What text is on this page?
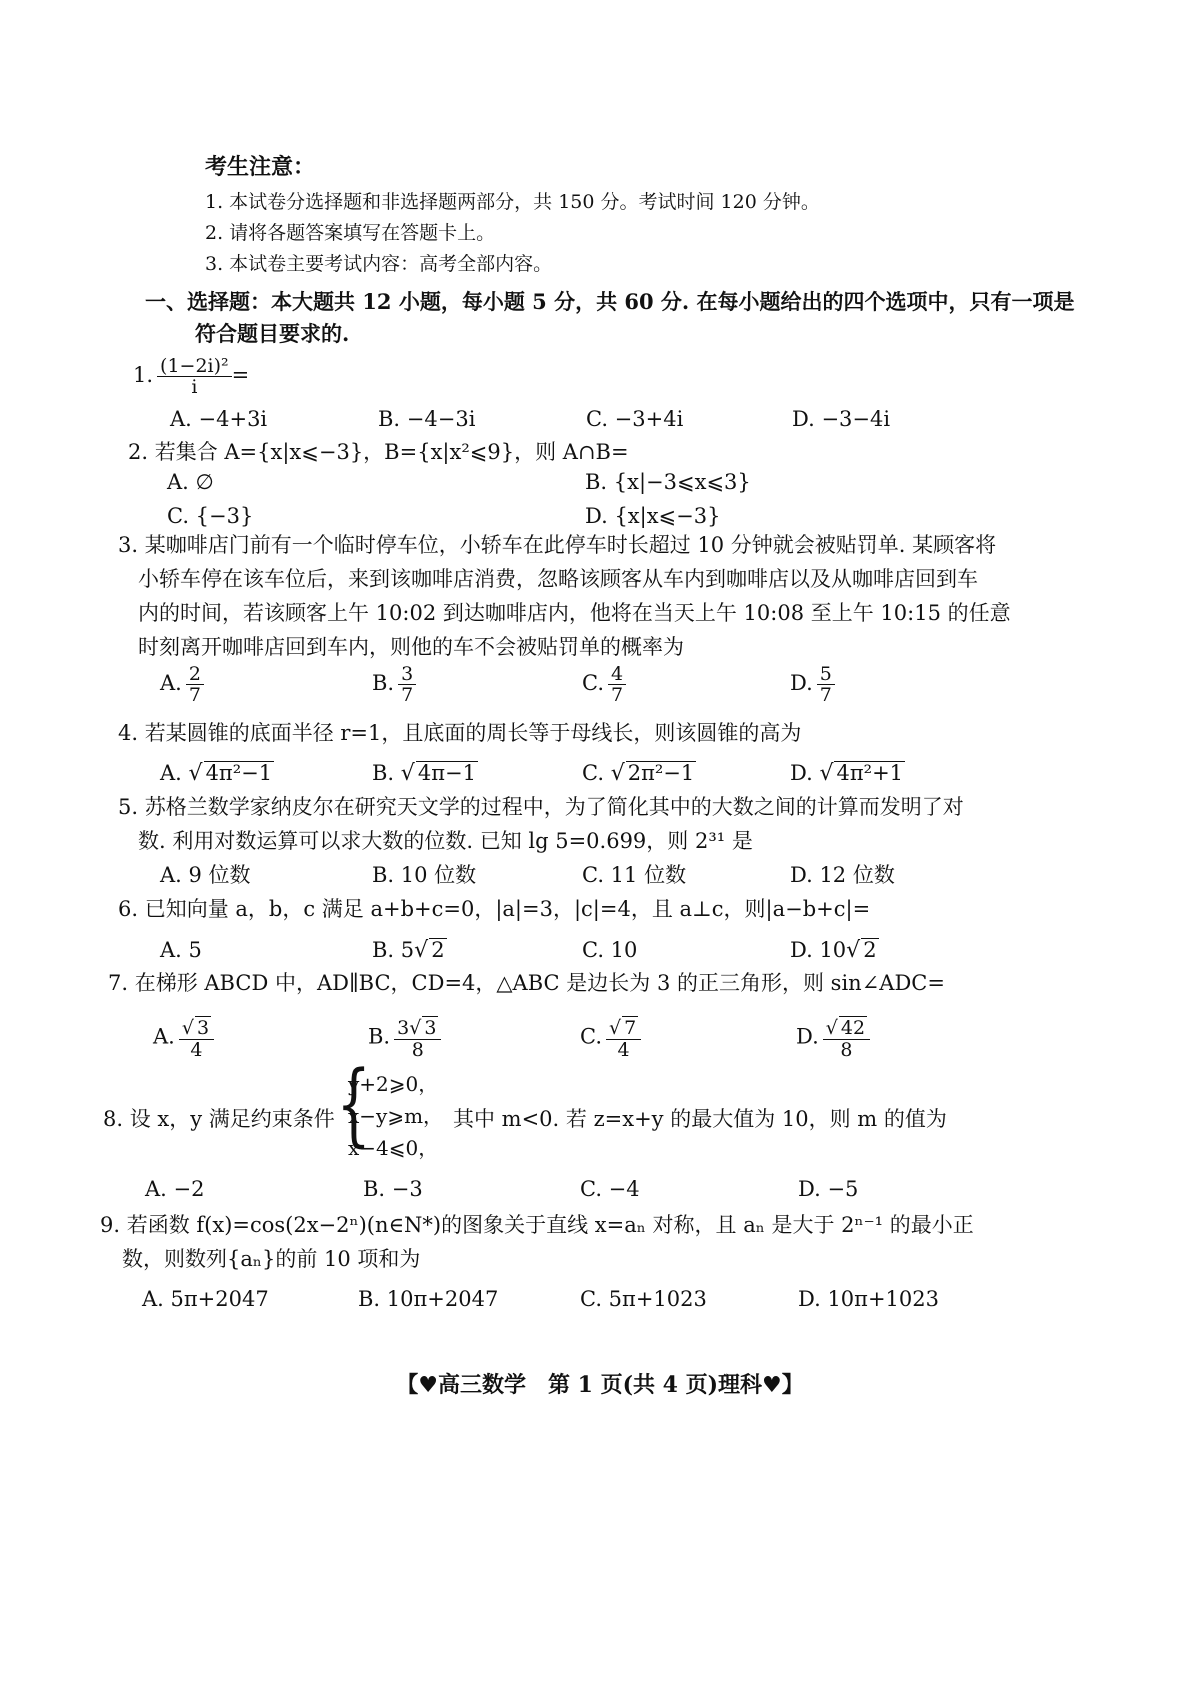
考生注意：
1. 本试卷分选择题和非选择题两部分，共 150 分。考试时间 120 分钟。
2. 请将各题答案填写在答题卡上。
3. 本试卷主要考试内容：高考全部内容。
一、选择题：本大题共 12 小题，每小题 5 分，共 60 分. 在每小题给出的四个选项中，只有一项是
符合题目要求的.
1. $\frac{\text{(1−2i)²}}{i}$ =
A. −4+3i	B. −4−3i	C. −3+4i	D. −3−4i
2. 若集合 A={x|x⩽−3}，B={x|x²⩽9}，则 A∩B=
A. ∅	B. {x|−3⩽x⩽3}
C. {−3}	D. {x|x⩽−3}
3. 某咖啡店门前有一个临时停车位，小轿车在此停车时长超过 10 分钟就会被贴罚单. 某顾客将
小轿车停在该车位后，来到该咖啡店消费，忽略该顾客从车内到咖啡店以及从咖啡店回到车
内的时间，若该顾客上午 10:02 到达咖啡店内，他将在当天上午 10:08 至上午 10:15 的任意
时刻离开咖啡店回到车内，则他的车不会被贴罚单的概率为
A. $\frac{2}{7}$	B. $\frac{3}{7}$	C. $\frac{4}{7}$	D. $\frac{5}{7}$
4. 若某圆锥的底面半径 r=1，且底面的周长等于母线长，则该圆锥的高为
A. √ 4π²−1	B. √ 4π−1	C. √ 2π²−1	D. √ 4π²+1
5. 苏格兰数学家纳皮尔在研究天文学的过程中，为了简化其中的大数之间的计算而发明了对
数. 利用对数运算可以求大数的位数. 已知 lg 5=0.699，则 2³¹ 是
A. 9 位数	B. 10 位数	C. 11 位数	D. 12 位数
6. 已知向量 a，b，c 满足 a+b+c=0，|a|=3，|c|=4，且 a⊥c，则|a−b+c|=
A. 5	B. 5√ 2	C. 10	D. 10√ 2
7. 在梯形 ABCD 中，AD∥BC，CD=4，△ABC 是边长为 3 的正三角形，则 sin∠ADC=
A. $\frac{√ 3}{4}$	B. $\frac{3√ 3}{8}$	C. $\frac{√ 7}{4}$	D. $\frac{√ 42}{8}$
8. 设 x，y 满足约束条件 {
y+2⩾0，
x−y⩾m，
x−4⩽0，
其中 m<0. 若 z=x+y 的最大值为 10，则 m 的值为
A. −2	B. −3	C. −4	D. −5
9. 若函数 f(x)=cos(2x−2ⁿ)(n∈N*)的图象关于直线 x=aₙ 对称，且 aₙ 是大于 2ⁿ⁻¹ 的最小正
数，则数列{aₙ}的前 10 项和为
A. 5π+2047	B. 10π+2047	C. 5π+1023	D. 10π+1023
【♥高三数学　第 1 页(共 4 页)理科♥】
